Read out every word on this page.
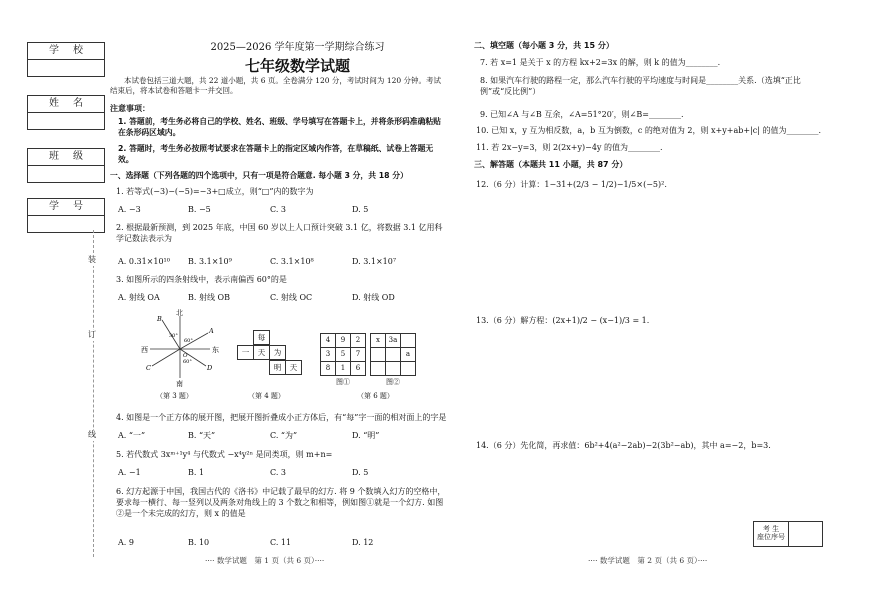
学校
姓名
班级
学号
装
订
线
2025—2026 学年度第一学期综合练习
七年级数学试题
本试卷包括三道大题，共 22 道小题，共 6 页。全卷满分 120 分，考试时间为 120 分钟。考试结束后，将本试卷和答题卡一并交回。
注意事项：
1. 答题前，考生务必将自己的学校、姓名、班级、学号填写在答题卡上，并将条形码准确粘贴在条形码区域内。
2. 答题时，考生务必按照考试要求在答题卡上的指定区域内作答，在草稿纸、试卷上答题无效。
一、选择题（下列各题的四个选项中，只有一项是符合题意. 每小题 3 分，共 18 分）
1. 若等式(−3)−(−5)=−3+□成立，则“□”内的数字为
A. −3	B. −5	C. 3	D. 5
2. 根据最新预测，到 2025 年底，中国 60 岁以上人口预计突破 3.1 亿，将数据 3.1 亿用科学记数法表示为
A. 0.31×10¹⁰	B. 3.1×10⁹	C. 3.1×10⁸	D. 3.1×10⁷
3. 如图所示的四条射线中，表示南偏西 60°的是
A. 射线 OA	B. 射线 OB	C. 射线 OC	D. 射线 OD
北
南
东
西
B
A
C	D
O
30°
60°
60°
（第 3 题）
每
一	天	为
明	天
（第 4 题）
4	9	2
3	5	7
8	1	6
图①
x	3a	
		a

图②
（第 6 题）
4. 如图是一个正方体的展开图，把展开图折叠成小正方体后，有“每”字一面的相对面上的字是
A. “一”	B. “天”	C. “为”	D. “明”
5. 若代数式 3xᵐ⁺¹y⁴ 与代数式 −x⁴y²ⁿ 是同类项，则 m+n=
A. −1	B. 1	C. 3	D. 5
6. 幻方起源于中国，我国古代的《洛书》中记载了最早的幻方. 将 9 个数填入幻方的空格中，要求每一横行、每一竖列以及两条对角线上的 3 个数之和相等，例如图①就是一个幻方. 如图②是一个未完成的幻方，则 x 的值是
A. 9	B. 10	C. 11	D. 12
···· 数学试题　第 1 页（共 6 页）····
二、填空题（每小题 3 分，共 15 分）
7. 若 x=1 是关于 x 的方程 kx+2=3x 的解，则 k 的值为________.
8. 如果汽车行驶的路程一定，那么汽车行驶的平均速度与时间是________关系.（选填“正比例”或“反比例”）
9. 已知∠A 与∠B 互余，∠A=51°20′，则∠B=________.
10. 已知 x，y 互为相反数，a，b 互为倒数，c 的绝对值为 2，则 x+y+ab+|c| 的值为________.
11. 若 2x−y=3，则 2(2x+y)−4y 的值为________.
三、解答题（本题共 11 小题，共 87 分）
12.（6 分）计算：1−31+(2/3 − 1/2)−1/5×(−5)².
13.（6 分）解方程：(2x+1)/2 − (x−1)/3 = 1.
14.（6 分）先化简，再求值：6b²+4(a²−2ab)−2(3b²−ab)，其中 a=−2，b=3.
考 生
座位序号
···· 数学试题　第 2 页（共 6 页）····
